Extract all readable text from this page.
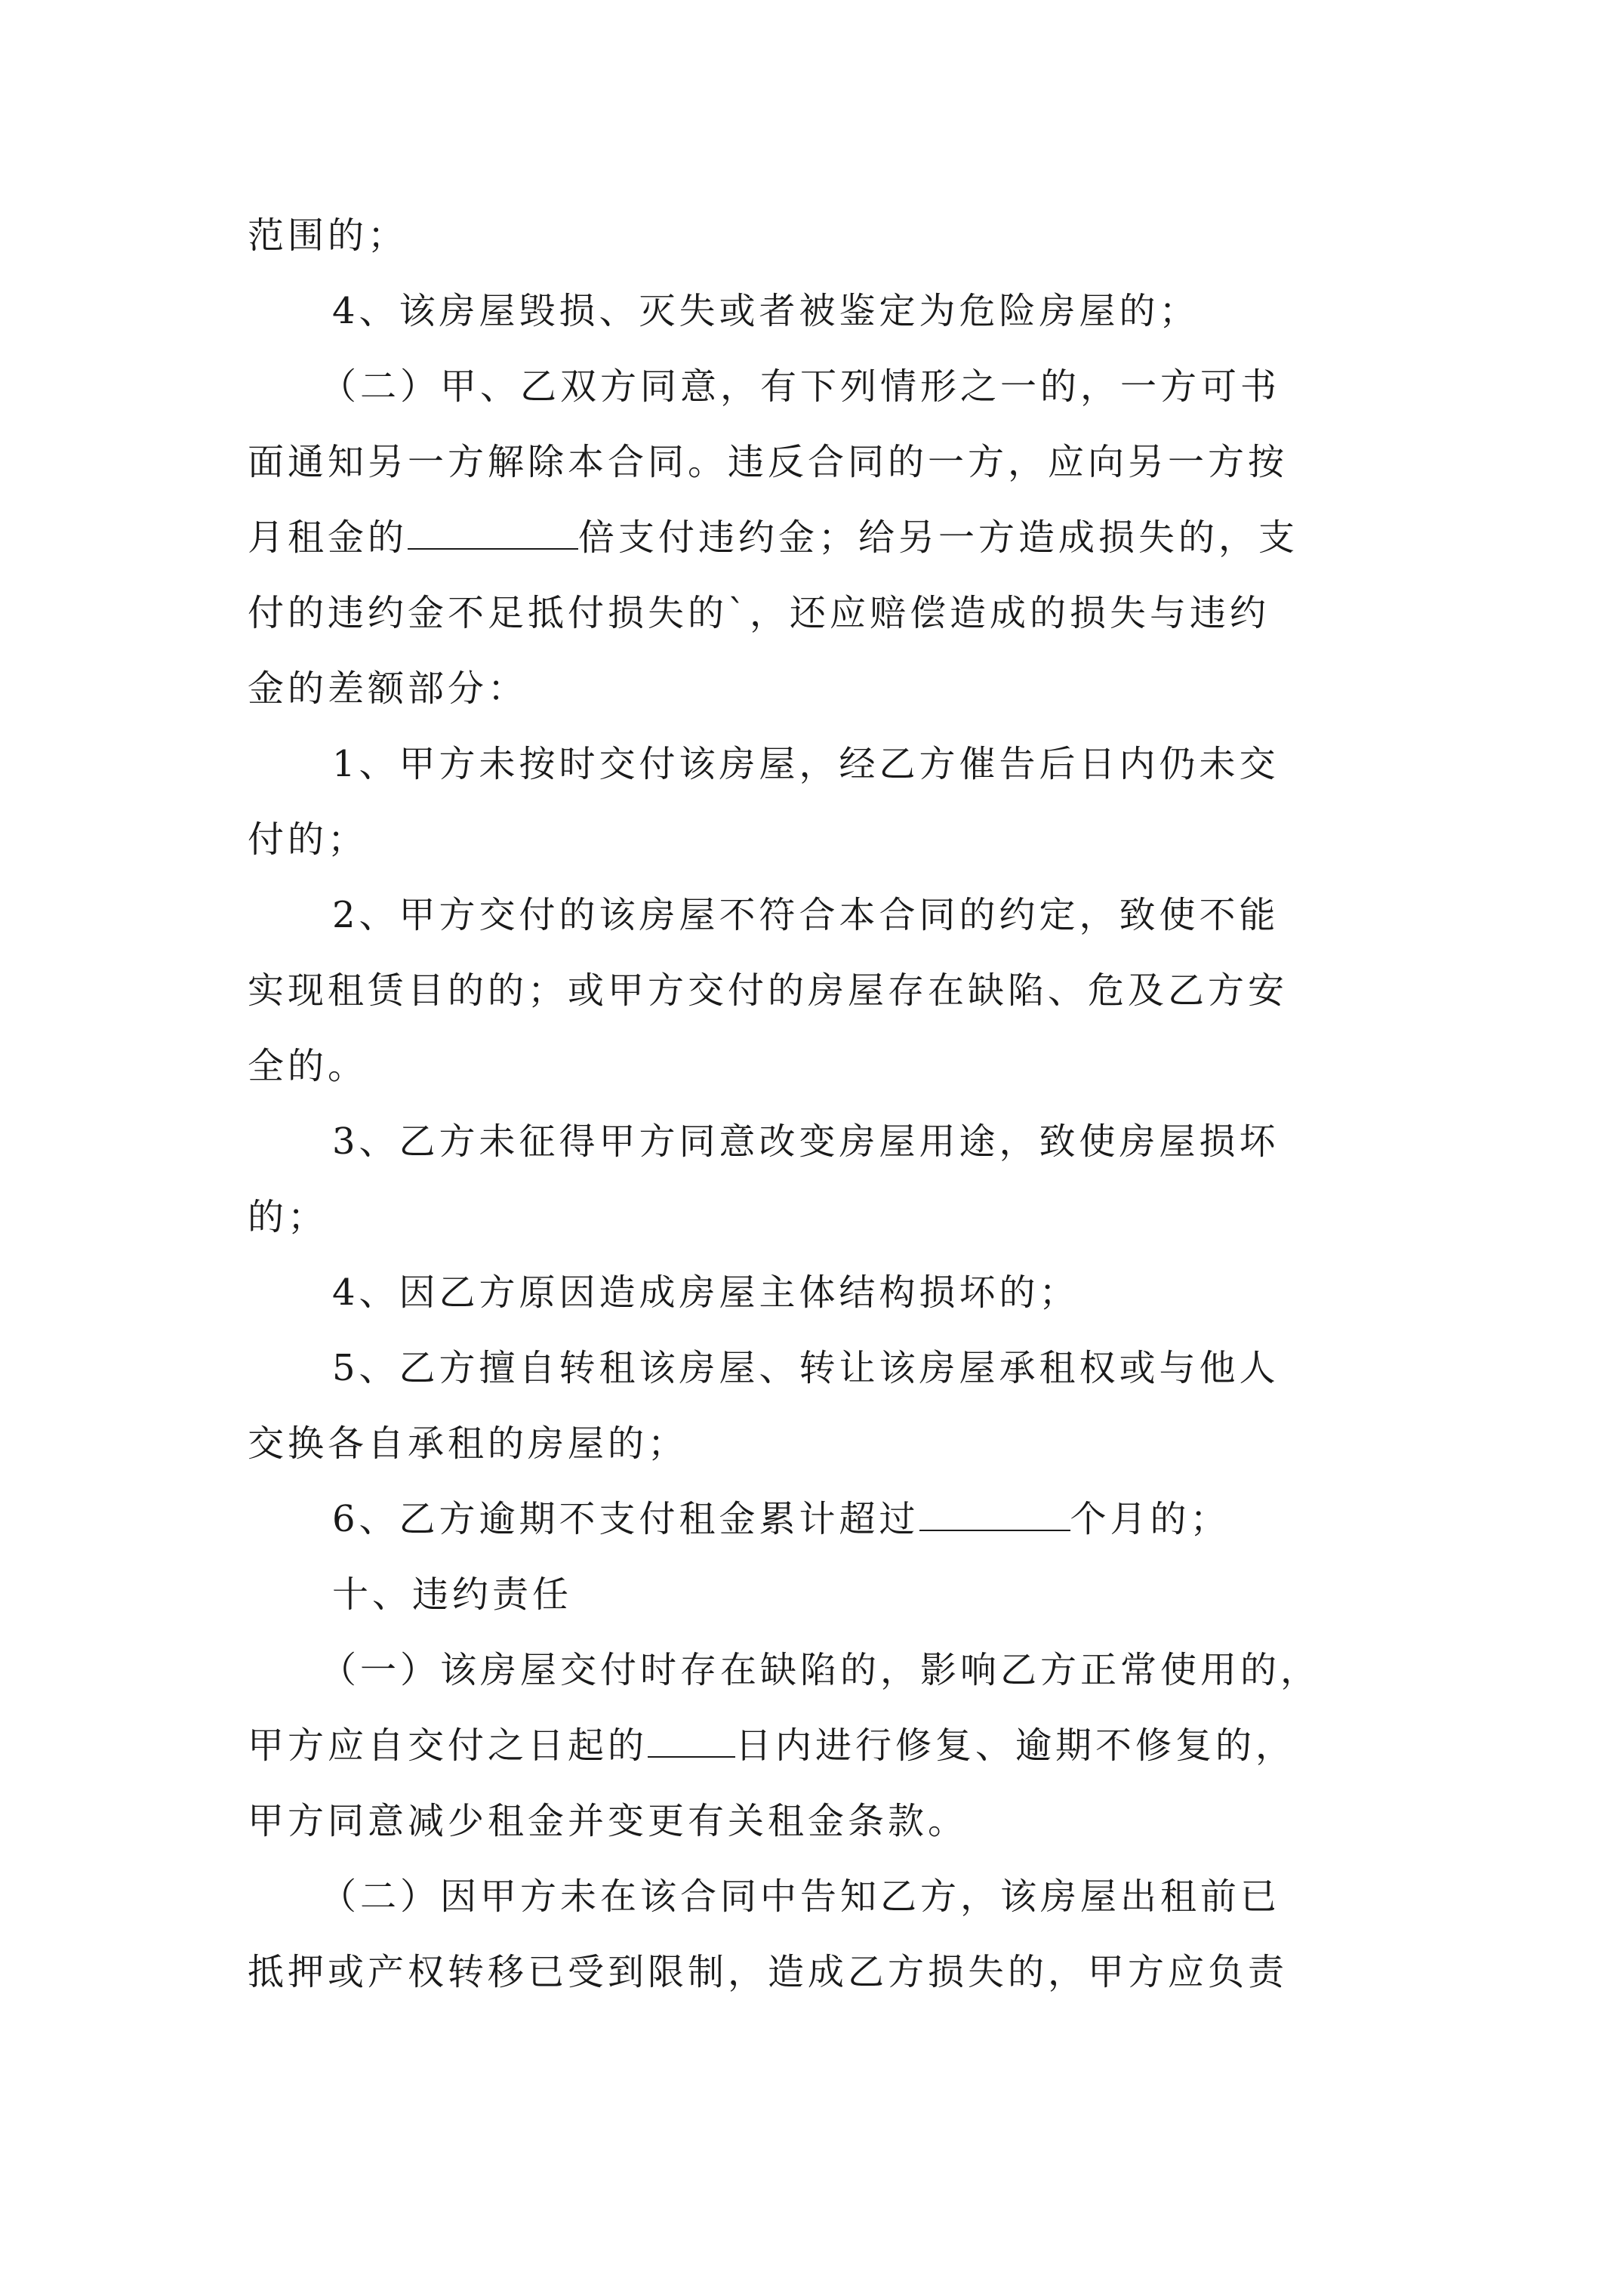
范围的；
4、该房屋毁损、灭失或者被鉴定为危险房屋的；
（二）甲、乙双方同意，有下列情形之一的，一方可书
面通知另一方解除本合同。违反合同的一方，应向另一方按
月租金的	倍支付违约金；给另一方造成损失的，支
付的违约金不足抵付损失的`，还应赔偿造成的损失与违约
金的差额部分：
1、甲方未按时交付该房屋，经乙方催告后日内仍未交
付的；
2、甲方交付的该房屋不符合本合同的约定，致使不能
实现租赁目的的；或甲方交付的房屋存在缺陷、危及乙方安
全的。
3、乙方未征得甲方同意改变房屋用途，致使房屋损坏
的；
4、因乙方原因造成房屋主体结构损坏的；
5、乙方擅自转租该房屋、转让该房屋承租权或与他人
交换各自承租的房屋的；
6、乙方逾期不支付租金累计超过	个月的；
十、违约责任
（一）该房屋交付时存在缺陷的，影响乙方正常使用的，
甲方应自交付之日起的 日内进行修复、逾期不修复的，
甲方同意减少租金并变更有关租金条款。
（二）因甲方未在该合同中告知乙方，该房屋出租前已
抵押或产权转移已受到限制，造成乙方损失的，甲方应负责
